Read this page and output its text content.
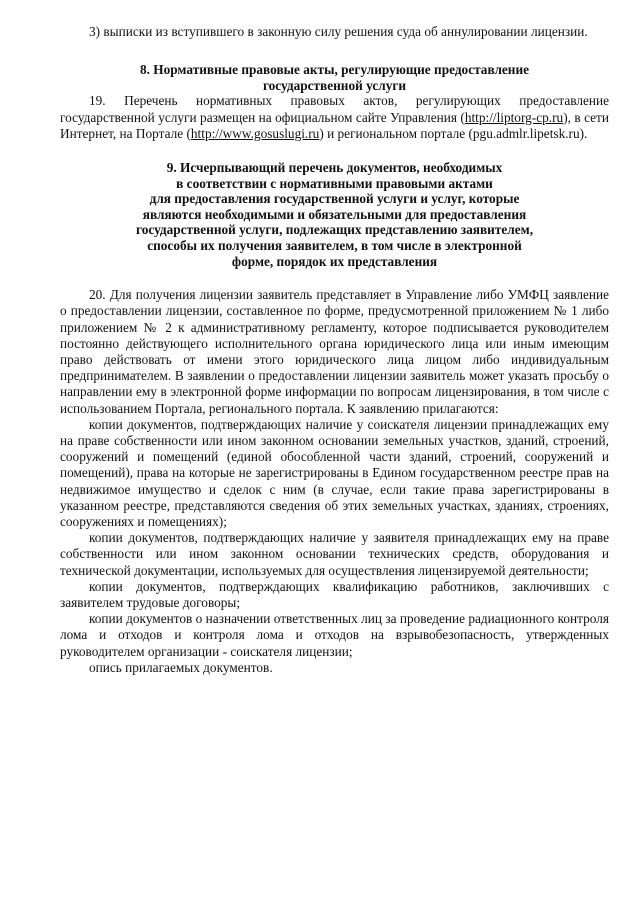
3) выписки из вступившего в законную силу решения суда об аннулировании лицензии.

8. Нормативные правовые акты, регулирующие предоставление
государственной услуги

19. Перечень нормативных правовых актов, регулирующих предоставление государственной услуги размещен на официальном сайте Управления (http://liptorg-cp.ru), в сети Интернет, на Портале (http://www.gosuslugi.ru) и региональном портале (pgu.admlr.lipetsk.ru).

9. Исчерпывающий перечень документов, необходимых
в соответствии с нормативными правовыми актами
для предоставления государственной услуги и услуг, которые
являются необходимыми и обязательными для предоставления
государственной услуги, подлежащих представлению заявителем,
способы их получения заявителем, в том числе в электронной
форме, порядок их представления

20. Для получения лицензии заявитель представляет в Управление либо УМФЦ заявление о предоставлении лицензии, составленное по форме, предусмотренной приложением № 1 либо приложением № 2 к административному регламенту, которое подписывается руководителем постоянно действующего исполнительного органа юридического лица или иным имеющим право действовать от имени этого юридического лица лицом либо индивидуальным предпринимателем. В заявлении о предоставлении лицензии заявитель может указать просьбу о направлении ему в электронной форме информации по вопросам лицензирования, в том числе с использованием Портала, регионального портала. К заявлению прилагаются:

копии документов, подтверждающих наличие у соискателя лицензии принадлежащих ему на праве собственности или ином законном основании земельных участков, зданий, строений, сооружений и помещений (единой обособленной части зданий, строений, сооружений и помещений), права на которые не зарегистрированы в Едином государственном реестре прав на недвижимое имущество и сделок с ним (в случае, если такие права зарегистрированы в указанном реестре, представляются сведения об этих земельных участках, зданиях, строениях, сооружениях и помещениях);

копии документов, подтверждающих наличие у заявителя принадлежащих ему на праве собственности или ином законном основании технических средств, оборудования и технической документации, используемых для осуществления лицензируемой деятельности;

копии документов, подтверждающих квалификацию работников, заключивших с заявителем трудовые договоры;

копии документов о назначении ответственных лиц за проведение радиационного контроля лома и отходов и контроля лома и отходов на взрывобезопасность, утвержденных руководителем организации - соискателя лицензии;

опись прилагаемых документов.
